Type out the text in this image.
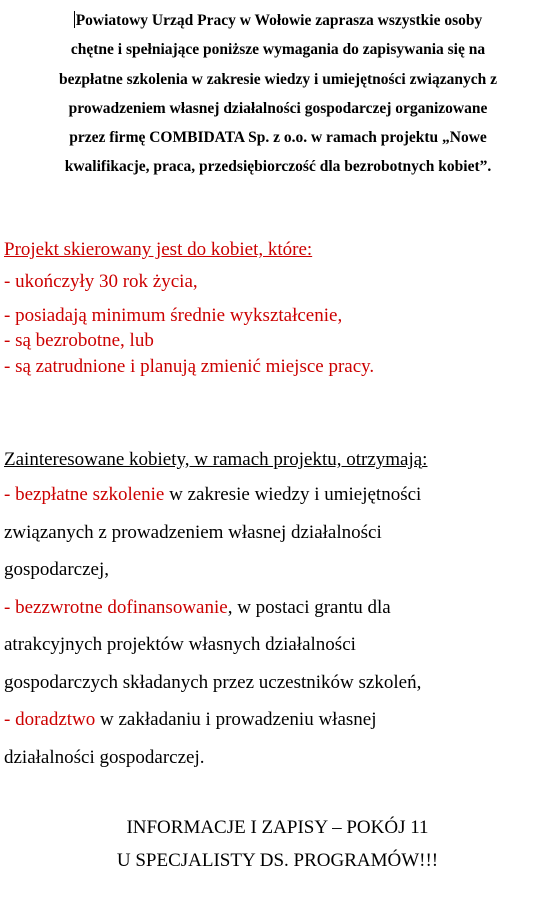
Powiatowy Urząd Pracy w Wołowie zaprasza wszystkie osoby
chętne i spełniające poniższe wymagania do zapisywania się na
bezpłatne szkolenia w zakresie wiedzy i umiejętności związanych z
prowadzeniem własnej działalności gospodarczej organizowane
przez firmę COMBIDATA Sp. z o.o. w ramach projektu „Nowe
kwalifikacje, praca, przedsiębiorczość dla bezrobotnych kobiet”.

Projekt skierowany jest do kobiet, które:
- ukończyły 30 rok życia,
- posiadają minimum średnie wykształcenie,
- są bezrobotne, lub
- są zatrudnione i planują zmienić miejsce pracy.
Zainteresowane kobiety, w ramach projektu, otrzymają:
- bezpłatne szkolenie w zakresie wiedzy i umiejętności
związanych z prowadzeniem własnej działalności
gospodarczej,
- bezzwrotne dofinansowanie, w postaci grantu dla
atrakcyjnych projektów własnych działalności
gospodarczych składanych przez uczestników szkoleń,
- doradztwo w zakładaniu i prowadzeniu własnej
działalności gospodarczej.
INFORMACJE I ZAPISY – POKÓJ 11
U SPECJALISTY DS. PROGRAMÓW!!!
